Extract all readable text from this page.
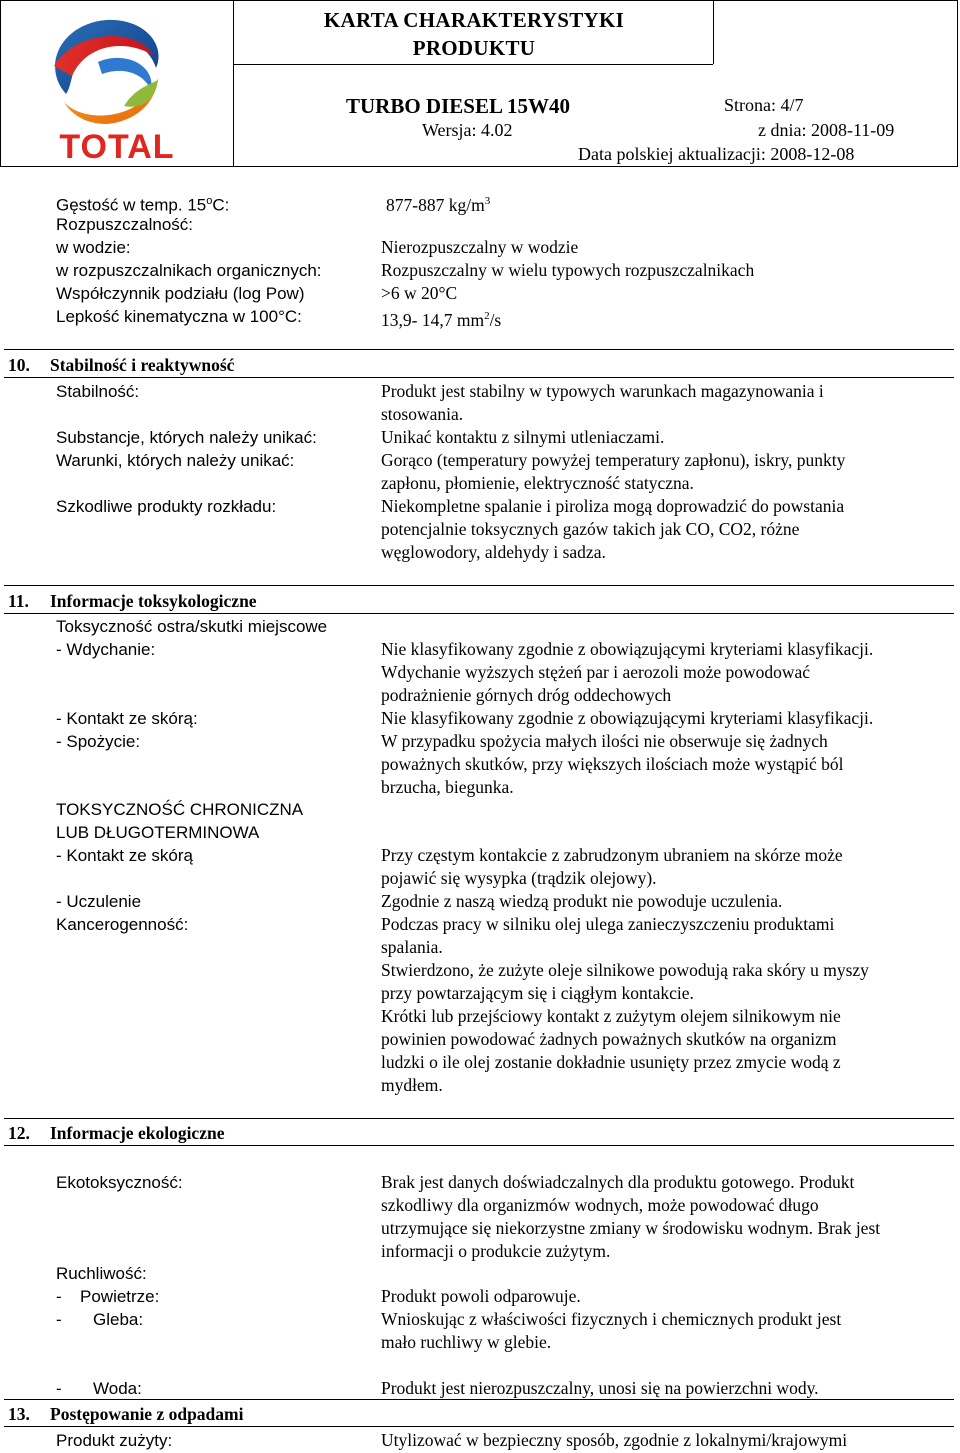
TOTAL
KARTA CHARAKTERYSTYKI
PRODUKTU
TURBO DIESEL 15W40	Strona: 4/7
Wersja: 4.02	z dnia: 2008-11-09
Data polskiej aktualizacji: 2008-12-08
Gęstość w temp. 15$^o$C:	877-887 $kg/m^3$
Rozpuszczalność:
w wodzie:	Nierozpuszczalny w wodzie
w rozpuszczalnikach organicznych:	Rozpuszczalny w wielu typowych rozpuszczalnikach
Współczynnik podziału (log Pow)	>6 w 20°C
Lepkość kinematyczna w 100°C:	13,9- 14,7 $mm^2/s$
10. Stabilność i reaktywność
Stabilność:	Produkt jest stabilny w typowych warunkach magazynowania i
stosowania.
Substancje, których należy unikać:	Unikać kontaktu z silnymi utleniaczami.
Warunki, których należy unikać:	Gorąco (temperatury powyżej temperatury zapłonu), iskry, punkty
zapłonu, płomienie, elektryczność statyczna.
Szkodliwe produkty rozkładu:	Niekompletne spalanie i piroliza mogą doprowadzić do powstania
potencjalnie toksycznych gazów takich jak CO, CO2, różne
węglowodory, aldehydy i sadza.
11. Informacje toksykologiczne
Toksyczność ostra/skutki miejscowe
- Wdychanie:	Nie klasyfikowany zgodnie z obowiązującymi kryteriami klasyfikacji.
Wdychanie wyższych stężeń par i aerozoli może powodować
podrażnienie górnych dróg oddechowych
- Kontakt ze skórą:	Nie klasyfikowany zgodnie z obowiązującymi kryteriami klasyfikacji.
- Spożycie:	W przypadku spożycia małych ilości nie obserwuje się żadnych
poważnych skutków, przy większych ilościach może wystąpić ból
brzucha, biegunka.
TOKSYCZNOŚĆ CHRONICZNA
LUB DŁUGOTERMINOWA
- Kontakt ze skórą	Przy częstym kontakcie z zabrudzonym ubraniem na skórze może
pojawić się wysypka (trądzik olejowy).
- Uczulenie	Zgodnie z naszą wiedzą produkt nie powoduje uczulenia.
Kancerogenność:	Podczas pracy w silniku olej ulega zanieczyszczeniu produktami
spalania.
Stwierdzono, że zużyte oleje silnikowe powodują raka skóry u myszy
przy powtarzającym się i ciągłym kontakcie.
Krótki lub przejściowy kontakt z zużytym olejem silnikowym nie
powinien powodować żadnych poważnych skutków na organizm
ludzki o ile olej zostanie dokładnie usunięty przez zmycie wodą z
mydłem.
12. Informacje ekologiczne
Ekotoksyczność:	Brak jest danych doświadczalnych dla produktu gotowego. Produkt
szkodliwy dla organizmów wodnych, może powodować długo
utrzymujące się niekorzystne zmiany w środowisku wodnym. Brak jest
informacji o produkcie zużytym.
Ruchliwość:
- Powietrze:	Produkt powoli odparowuje.
- Gleba:	Wnioskując z właściwości fizycznych i chemicznych produkt jest
mało ruchliwy w glebie.
- Woda:	Produkt jest nierozpuszczalny, unosi się na powierzchni wody.
13. Postępowanie z odpadami
Produkt zużyty:	Utylizować w bezpieczny sposób, zgodnie z lokalnymi/krajowymi
